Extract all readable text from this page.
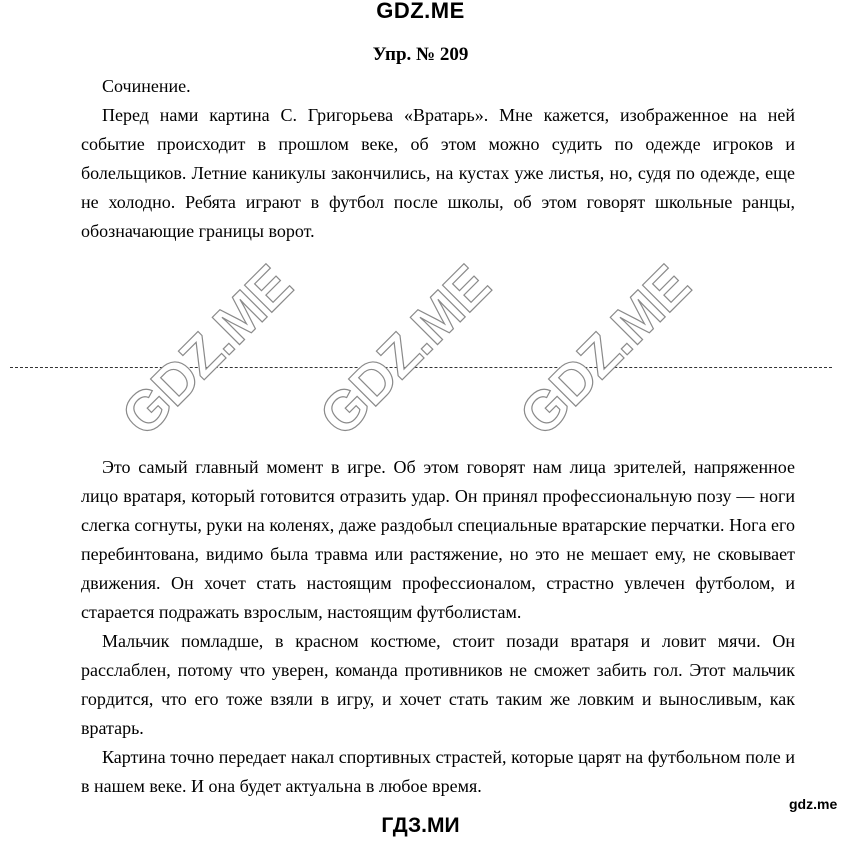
GDZ.ME
Упр. № 209

Сочинение.

Перед нами картина С. Григорьева «Вратарь». Мне кажется, изображенное на ней событие происходит в прошлом веке, об этом можно судить по одежде игроков и болельщиков. Летние каникулы закончились, на кустах уже листья, но, судя по одежде, еще не холодно. Ребята играют в футбол после школы, об этом говорят школьные ранцы, обозначающие границы ворот.

GDZ.ME GDZ.ME GDZ.ME

Это самый главный момент в игре. Об этом говорят нам лица зрителей, напряженное лицо вратаря, который готовится отразить удар. Он принял профессиональную позу — ноги слегка согнуты, руки на коленях, даже раздобыл специальные вратарские перчатки. Нога его перебинтована, видимо была травма или растяжение, но это не мешает ему, не сковывает движения. Он хочет стать настоящим профессионалом, страстно увлечен футболом, и старается подражать взрослым, настоящим футболистам.

Мальчик помладше, в красном костюме, стоит позади вратаря и ловит мячи. Он расслаблен, потому что уверен, команда противников не сможет забить гол. Этот мальчик гордится, что его тоже взяли в игру, и хочет стать таким же ловким и выносливым, как вратарь.

Картина точно передает накал спортивных страстей, которые царят на футбольном поле и в нашем веке. И она будет актуальна в любое время.

gdz.me
ГДЗ.МИ
